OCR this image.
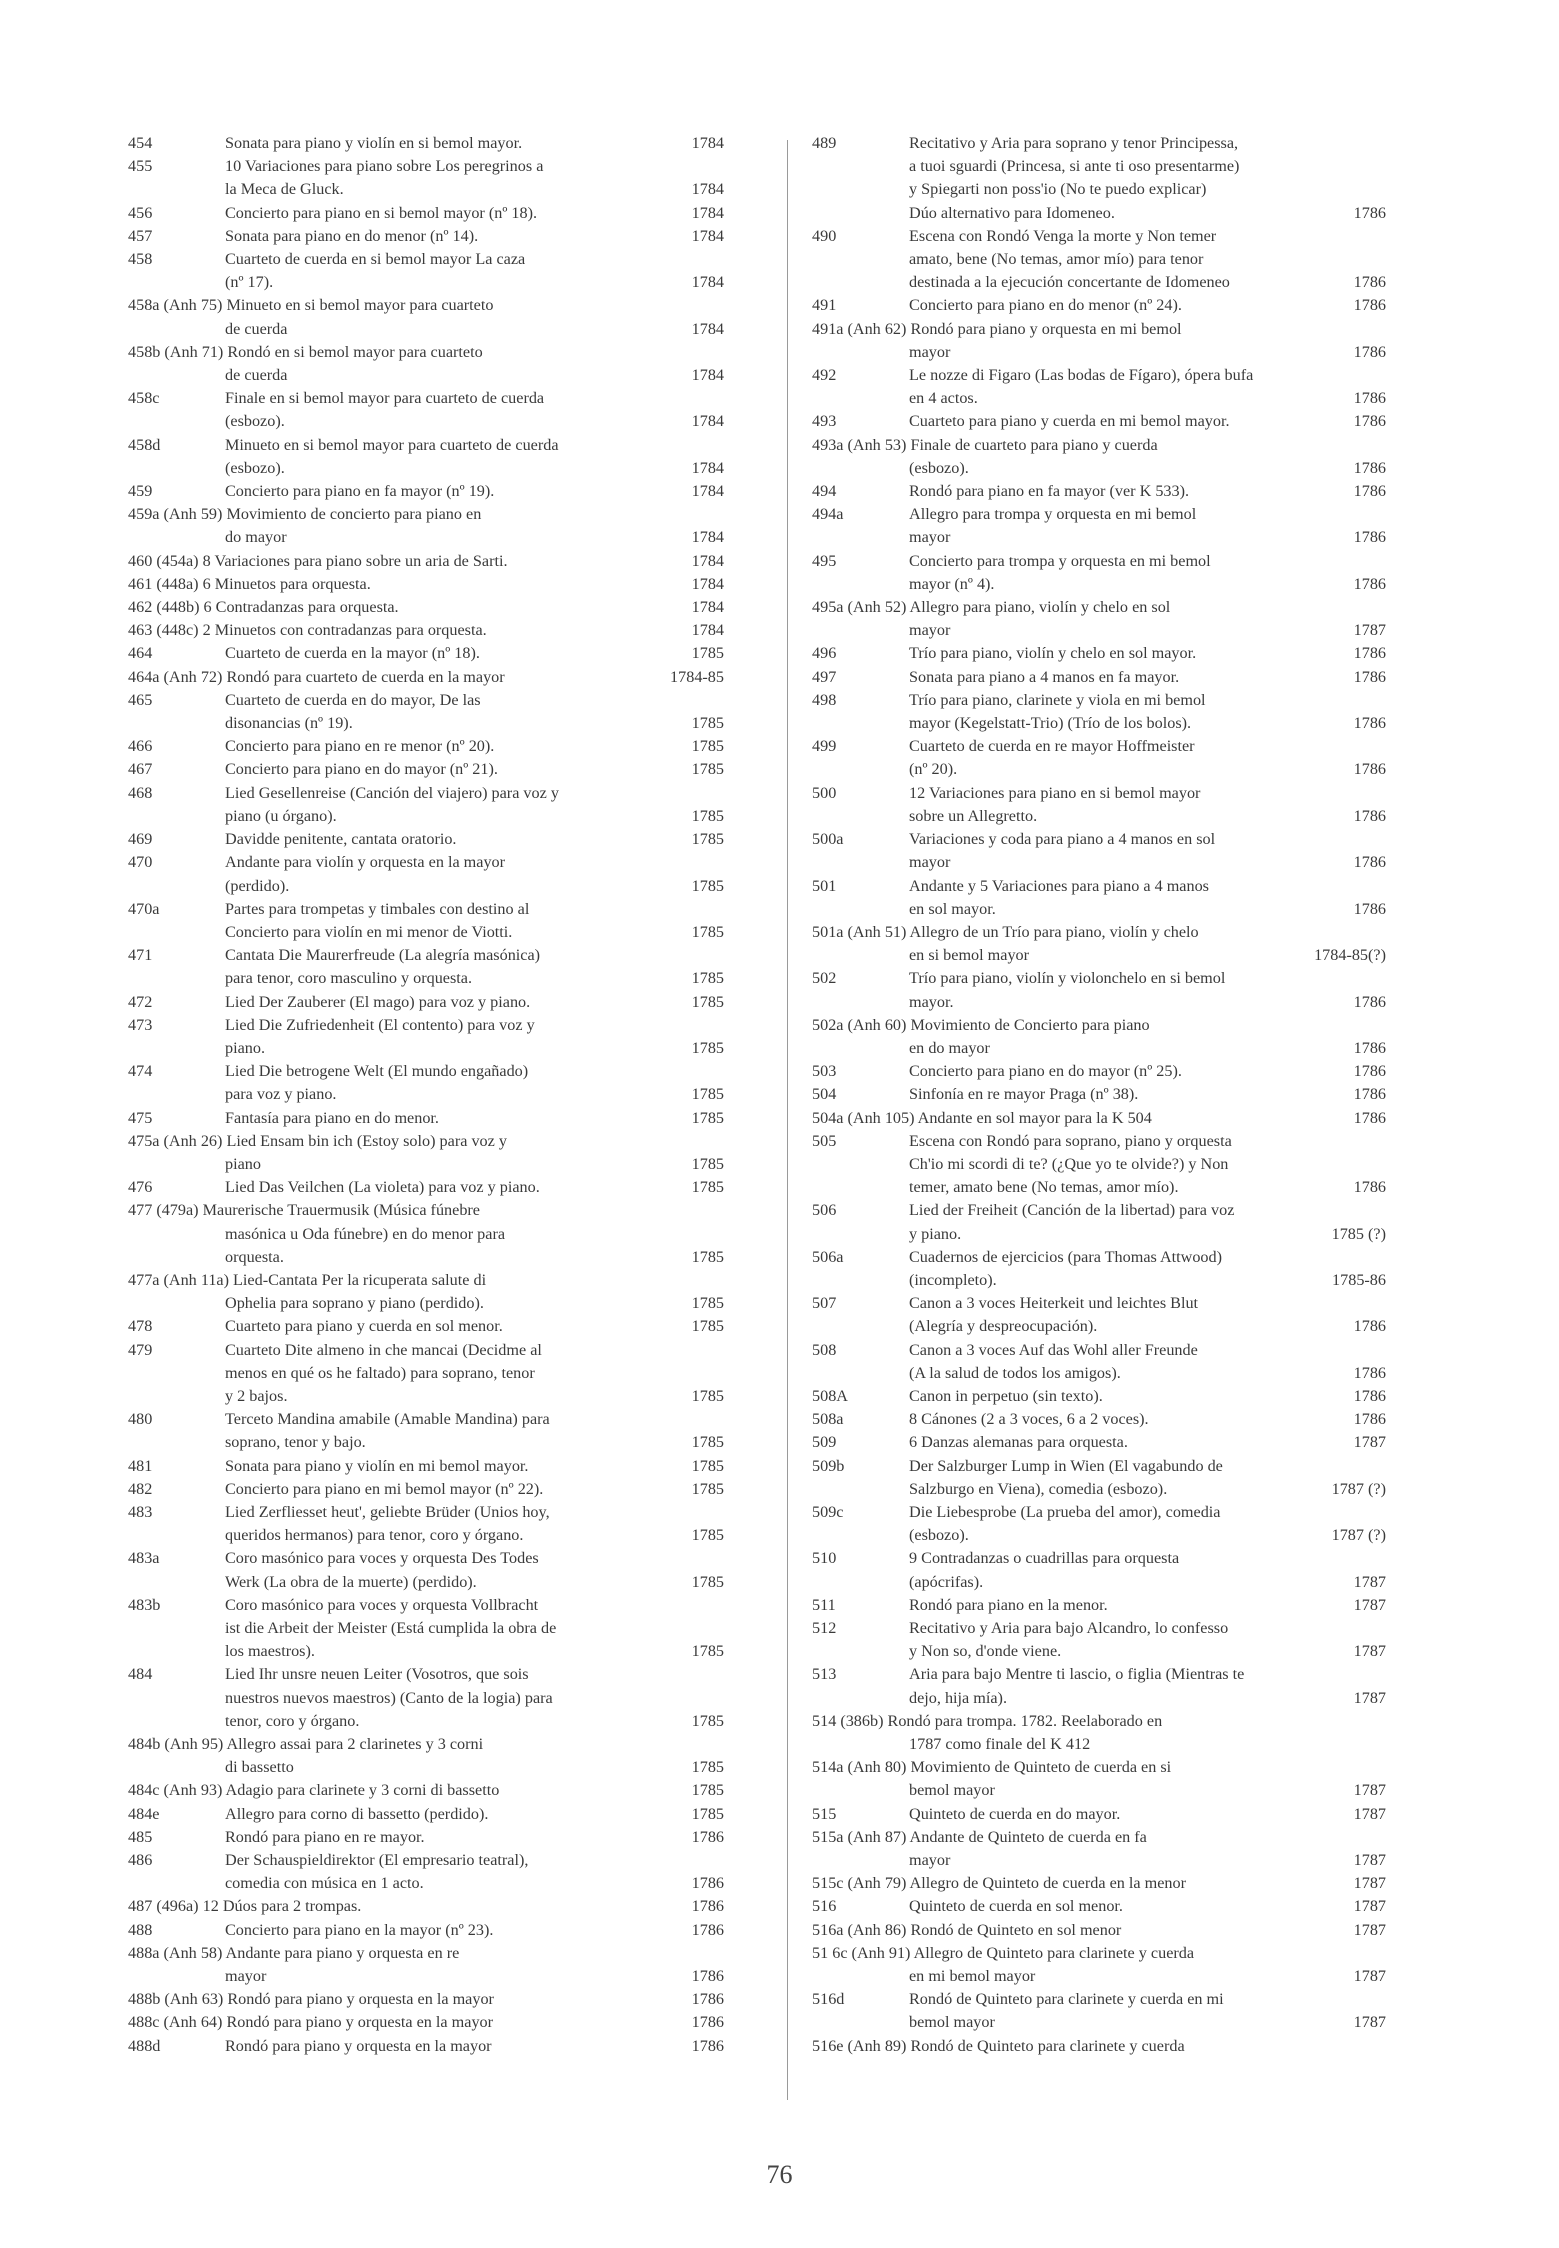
454	Sonata para piano y violín en si bemol mayor.	1784
455	10 Variaciones para piano sobre Los peregrinos a
la Meca de Gluck.	1784
456	Concierto para piano en si bemol mayor (nº 18).	1784
457	Sonata para piano en do menor (nº 14).	1784
458	Cuarteto de cuerda en si bemol mayor La caza
(nº 17).	1784
458a (Anh 75) Minueto en si bemol mayor para cuarteto
de cuerda	1784
458b (Anh 71) Rondó en si bemol mayor para cuarteto
de cuerda	1784
458c	Finale en si bemol mayor para cuarteto de cuerda
(esbozo).	1784
458d	Minueto en si bemol mayor para cuarteto de cuerda
(esbozo).	1784
459	Concierto para piano en fa mayor (nº 19).	1784
459a (Anh 59) Movimiento de concierto para piano en
do mayor	1784
460 (454a) 8 Variaciones para piano sobre un aria de Sarti.	1784
461 (448a) 6 Minuetos para orquesta.	1784
462 (448b) 6 Contradanzas para orquesta.	1784
463 (448c) 2 Minuetos con contradanzas para orquesta.	1784
464	Cuarteto de cuerda en la mayor (nº 18).	1785
464a (Anh 72) Rondó para cuarteto de cuerda en la mayor	1784-85
465	Cuarteto de cuerda en do mayor, De las
disonancias (nº 19).	1785
466	Concierto para piano en re menor (nº 20).	1785
467	Concierto para piano en do mayor (nº 21).	1785
468	Lied Gesellenreise (Canción del viajero) para voz y
piano (u órgano).	1785
469	Davidde penitente, cantata oratorio.	1785
470	Andante para violín y orquesta en la mayor
(perdido).	1785
470a	Partes para trompetas y timbales con destino al
Concierto para violín en mi menor de Viotti.	1785
471	Cantata Die Maurerfreude (La alegría masónica)
para tenor, coro masculino y orquesta.	1785
472	Lied Der Zauberer (El mago) para voz y piano.	1785
473	Lied Die Zufriedenheit (El contento) para voz y
piano.	1785
474	Lied Die betrogene Welt (El mundo engañado)
para voz y piano.	1785
475	Fantasía para piano en do menor.	1785
475a (Anh 26) Lied Ensam bin ich (Estoy solo) para voz y
piano	1785
476	Lied Das Veilchen (La violeta) para voz y piano.	1785
477 (479a) Maurerische Trauermusik (Música fúnebre
masónica u Oda fúnebre) en do menor para
orquesta.	1785
477a (Anh 11a) Lied-Cantata Per la ricuperata salute di
Ophelia para soprano y piano (perdido).	1785
478	Cuarteto para piano y cuerda en sol menor.	1785
479	Cuarteto Dite almeno in che mancai (Decidme al
menos en qué os he faltado) para soprano, tenor
y 2 bajos.	1785
480	Terceto Mandina amabile (Amable Mandina) para
soprano, tenor y bajo.	1785
481	Sonata para piano y violín en mi bemol mayor.	1785
482	Concierto para piano en mi bemol mayor (nº 22).	1785
483	Lied Zerfliesset heut', geliebte Brüder (Unios hoy,
queridos hermanos) para tenor, coro y órgano.	1785
483a	Coro masónico para voces y orquesta Des Todes
Werk (La obra de la muerte) (perdido).	1785
483b	Coro masónico para voces y orquesta Vollbracht
ist die Arbeit der Meister (Está cumplida la obra de
los maestros).	1785
484	Lied Ihr unsre neuen Leiter (Vosotros, que sois
nuestros nuevos maestros) (Canto de la logia) para
tenor, coro y órgano.	1785
484b (Anh 95) Allegro assai para 2 clarinetes y 3 corni
di bassetto	1785
484c (Anh 93) Adagio para clarinete y 3 corni di bassetto	1785
484e	Allegro para corno di bassetto (perdido).	1785
485	Rondó para piano en re mayor.	1786
486	Der Schauspieldirektor (El empresario teatral),
comedia con música en 1 acto.	1786
487 (496a) 12 Dúos para 2 trompas.	1786
488	Concierto para piano en la mayor (nº 23).	1786
488a (Anh 58) Andante para piano y orquesta en re
mayor	1786
488b (Anh 63) Rondó para piano y orquesta en la mayor	1786
488c (Anh 64) Rondó para piano y orquesta en la mayor	1786
488d	Rondó para piano y orquesta en la mayor	1786
489	Recitativo y Aria para soprano y tenor Principessa,
a tuoi sguardi (Princesa, si ante ti oso presentarme)
y Spiegarti non poss'io (No te puedo explicar)
Dúo alternativo para Idomeneo.	1786
490	Escena con Rondó Venga la morte y Non temer
amato, bene (No temas, amor mío) para tenor
destinada a la ejecución concertante de Idomeneo	1786
491	Concierto para piano en do menor (nº 24).	1786
491a (Anh 62) Rondó para piano y orquesta en mi bemol
mayor	1786
492	Le nozze di Figaro (Las bodas de Fígaro), ópera bufa
en 4 actos.	1786
493	Cuarteto para piano y cuerda en mi bemol mayor.	1786
493a (Anh 53) Finale de cuarteto para piano y cuerda
(esbozo).	1786
494	Rondó para piano en fa mayor (ver K 533).	1786
494a	Allegro para trompa y orquesta en mi bemol
mayor	1786
495	Concierto para trompa y orquesta en mi bemol
mayor (nº 4).	1786
495a (Anh 52) Allegro para piano, violín y chelo en sol
mayor	1787
496	Trío para piano, violín y chelo en sol mayor.	1786
497	Sonata para piano a 4 manos en fa mayor.	1786
498	Trío para piano, clarinete y viola en mi bemol
mayor (Kegelstatt-Trio) (Trío de los bolos).	1786
499	Cuarteto de cuerda en re mayor Hoffmeister
(nº 20).	1786
500	12 Variaciones para piano en si bemol mayor
sobre un Allegretto.	1786
500a	Variaciones y coda para piano a 4 manos en sol
mayor	1786
501	Andante y 5 Variaciones para piano a 4 manos
en sol mayor.	1786
501a (Anh 51) Allegro de un Trío para piano, violín y chelo
en si bemol mayor	1784-85(?)
502	Trío para piano, violín y violonchelo en si bemol
mayor.	1786
502a (Anh 60) Movimiento de Concierto para piano
en do mayor	1786
503	Concierto para piano en do mayor (nº 25).	1786
504	Sinfonía en re mayor Praga (nº 38).	1786
504a (Anh 105) Andante en sol mayor para la K 504	1786
505	Escena con Rondó para soprano, piano y orquesta
Ch'io mi scordi di te? (¿Que yo te olvide?) y Non
temer, amato bene (No temas, amor mío).	1786
506	Lied der Freiheit (Canción de la libertad) para voz
y piano.	1785 (?)
506a	Cuadernos de ejercicios (para Thomas Attwood)
(incompleto).	1785-86
507	Canon a 3 voces Heiterkeit und leichtes Blut
(Alegría y despreocupación).	1786
508	Canon a 3 voces Auf das Wohl aller Freunde
(A la salud de todos los amigos).	1786
508A	Canon in perpetuo (sin texto).	1786
508a	8 Cánones (2 a 3 voces, 6 a 2 voces).	1786
509	6 Danzas alemanas para orquesta.	1787
509b	Der Salzburger Lump in Wien (El vagabundo de
Salzburgo en Viena), comedia (esbozo).	1787 (?)
509c	Die Liebesprobe (La prueba del amor), comedia
(esbozo).	1787 (?)
510	9 Contradanzas o cuadrillas para orquesta
(apócrifas).	1787
511	Rondó para piano en la menor.	1787
512	Recitativo y Aria para bajo Alcandro, lo confesso
y Non so, d'onde viene.	1787
513	Aria para bajo Mentre ti lascio, o figlia (Mientras te
dejo, hija mía).	1787
514 (386b) Rondó para trompa. 1782. Reelaborado en
1787 como finale del K 412
514a (Anh 80) Movimiento de Quinteto de cuerda en si
bemol mayor	1787
515	Quinteto de cuerda en do mayor.	1787
515a (Anh 87) Andante de Quinteto de cuerda en fa
mayor	1787
515c (Anh 79) Allegro de Quinteto de cuerda en la menor	1787
516	Quinteto de cuerda en sol menor.	1787
516a (Anh 86) Rondó de Quinteto en sol menor	1787
51 6c (Anh 91) Allegro de Quinteto para clarinete y cuerda
en mi bemol mayor	1787
516d	Rondó de Quinteto para clarinete y cuerda en mi
bemol mayor	1787
516e (Anh 89) Rondó de Quinteto para clarinete y cuerda
76
